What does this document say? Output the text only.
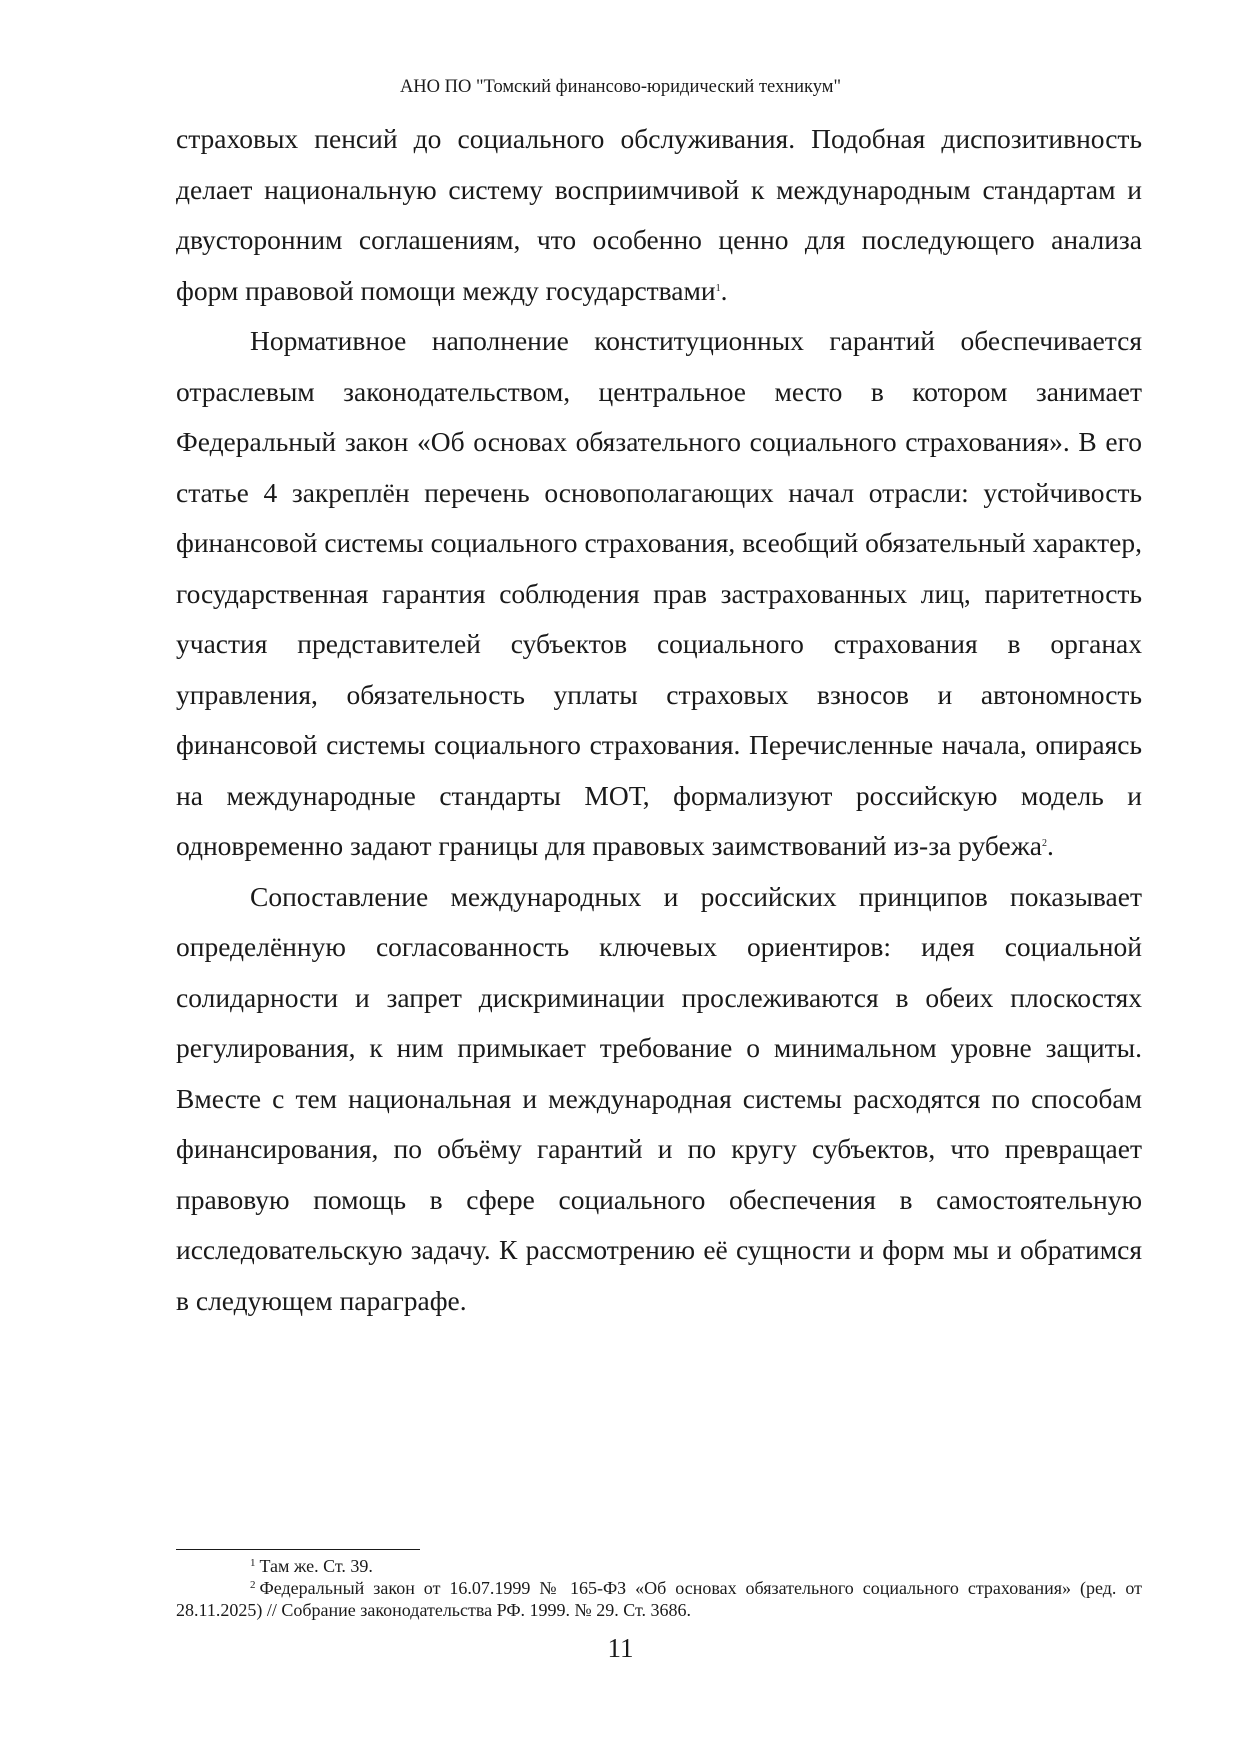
АНО ПО "Томский финансово-юридический техникум"

страховых пенсий до социального обслуживания. Подобная диспозитивность делает национальную систему восприимчивой к международным стандартам и двусторонним соглашениям, что особенно ценно для последующего анализа форм правовой помощи между государствами$^1$.

Нормативное наполнение конституционных гарантий обеспечивается отраслевым законодательством, центральное место в котором занимает Федеральный закон «Об основах обязательного социального страхования». В его статье 4 закреплён перечень основополагающих начал отрасли: устойчивость финансовой системы социального страхования, всеобщий обязательный характер, государственная гарантия соблюдения прав застрахованных лиц, паритетность участия представителей субъектов социального страхования в органах управления, обязательность уплаты страховых взносов и автономность финансовой системы социального страхования. Перечисленные начала, опираясь на международные стандарты МОТ, формализуют российскую модель и одновременно задают границы для правовых заимствований из-за рубежа$^2$.

Сопоставление международных и российских принципов показывает определённую согласованность ключевых ориентиров: идея социальной солидарности и запрет дискриминации прослеживаются в обеих плоскостях регулирования, к ним примыкает требование о минимальном уровне защиты. Вместе с тем национальная и международная системы расходятся по способам финансирования, по объёму гарантий и по кругу субъектов, что превращает правовую помощь в сфере социального обеспечения в самостоятельную исследовательскую задачу. К рассмотрению её сущности и форм мы и обратимся в следующем параграфе.

$^1$ Там же. Ст. 39.

$^2$ Федеральный закон от 16.07.1999 № 165-ФЗ «Об основах обязательного социального страхования» (ред. от 28.11.2025) // Собрание законодательства РФ. 1999. № 29. Ст. 3686.

11
